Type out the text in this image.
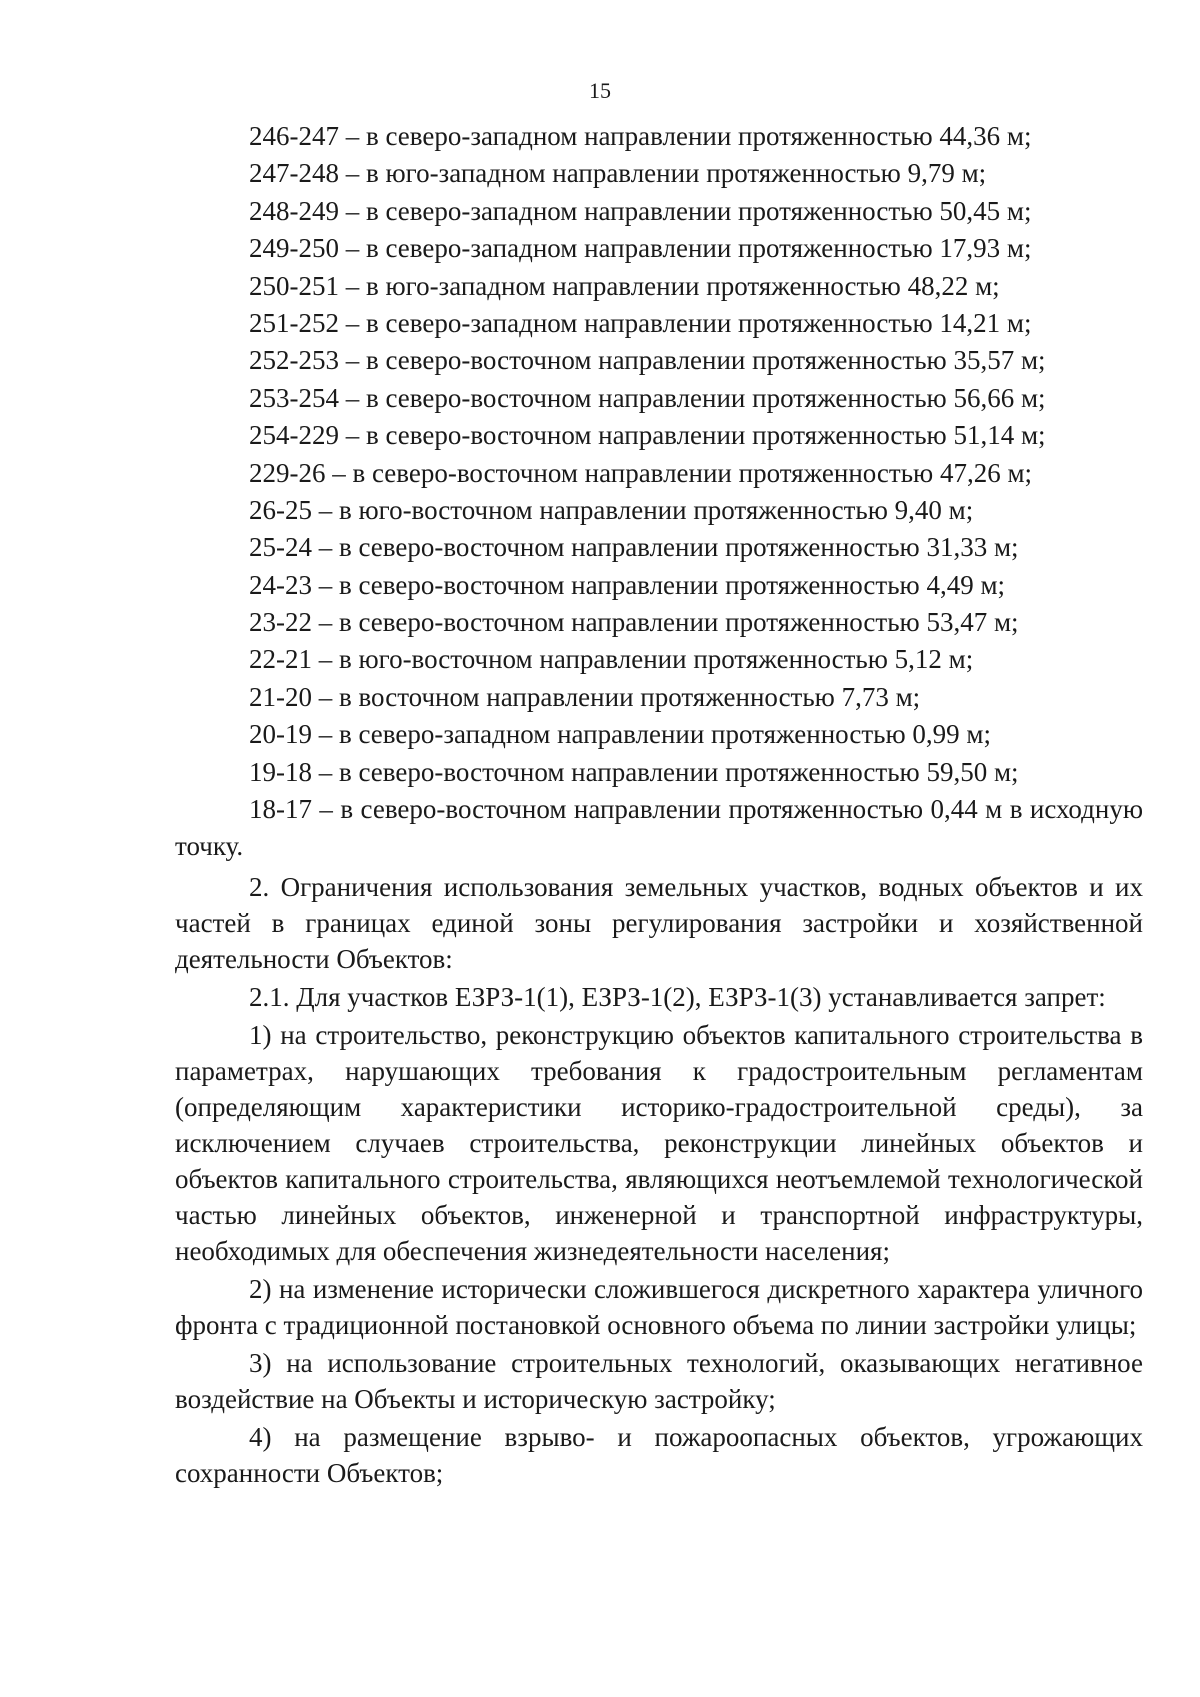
15
246-247 – в северо-западном направлении протяженностью 44,36 м;
247-248 – в юго-западном направлении протяженностью 9,79 м;
248-249 – в северо-западном направлении протяженностью 50,45 м;
249-250 – в северо-западном направлении протяженностью 17,93 м;
250-251 – в юго-западном направлении протяженностью 48,22 м;
251-252 – в северо-западном направлении протяженностью 14,21 м;
252-253 – в северо-восточном направлении протяженностью 35,57 м;
253-254 – в северо-восточном направлении протяженностью 56,66 м;
254-229 – в северо-восточном направлении протяженностью 51,14 м;
229-26 – в северо-восточном направлении протяженностью 47,26 м;
26-25 – в юго-восточном направлении протяженностью 9,40 м;
25-24 – в северо-восточном направлении протяженностью 31,33 м;
24-23 – в северо-восточном направлении протяженностью 4,49 м;
23-22 – в северо-восточном направлении протяженностью 53,47 м;
22-21 – в юго-восточном направлении протяженностью 5,12 м;
21-20 – в восточном направлении протяженностью 7,73 м;
20-19 – в северо-западном направлении протяженностью 0,99 м;
19-18 – в северо-восточном направлении протяженностью 59,50 м;

18-17 – в северо-восточном направлении протяженностью 0,44 м в исходную точку.

2. Ограничения использования земельных участков, водных объектов и их частей в границах единой зоны регулирования застройки и хозяйственной деятельности Объектов:

2.1. Для участков ЕЗРЗ-1(1), ЕЗРЗ-1(2), ЕЗРЗ-1(3) устанавливается запрет:

1) на строительство, реконструкцию объектов капитального строительства в параметрах, нарушающих требования к градостроительным регламентам (определяющим характеристики историко-градостроительной среды), за исключением случаев строительства, реконструкции линейных объектов и объектов капитального строительства, являющихся неотъемлемой технологической частью линейных объектов, инженерной и транспортной инфраструктуры, необходимых для обеспечения жизнедеятельности населения;

2) на изменение исторически сложившегося дискретного характера уличного фронта с традиционной постановкой основного объема по линии застройки улицы;

3) на использование строительных технологий, оказывающих негативное воздействие на Объекты и историческую застройку;

4) на размещение взрыво- и пожароопасных объектов, угрожающих сохранности Объектов;
